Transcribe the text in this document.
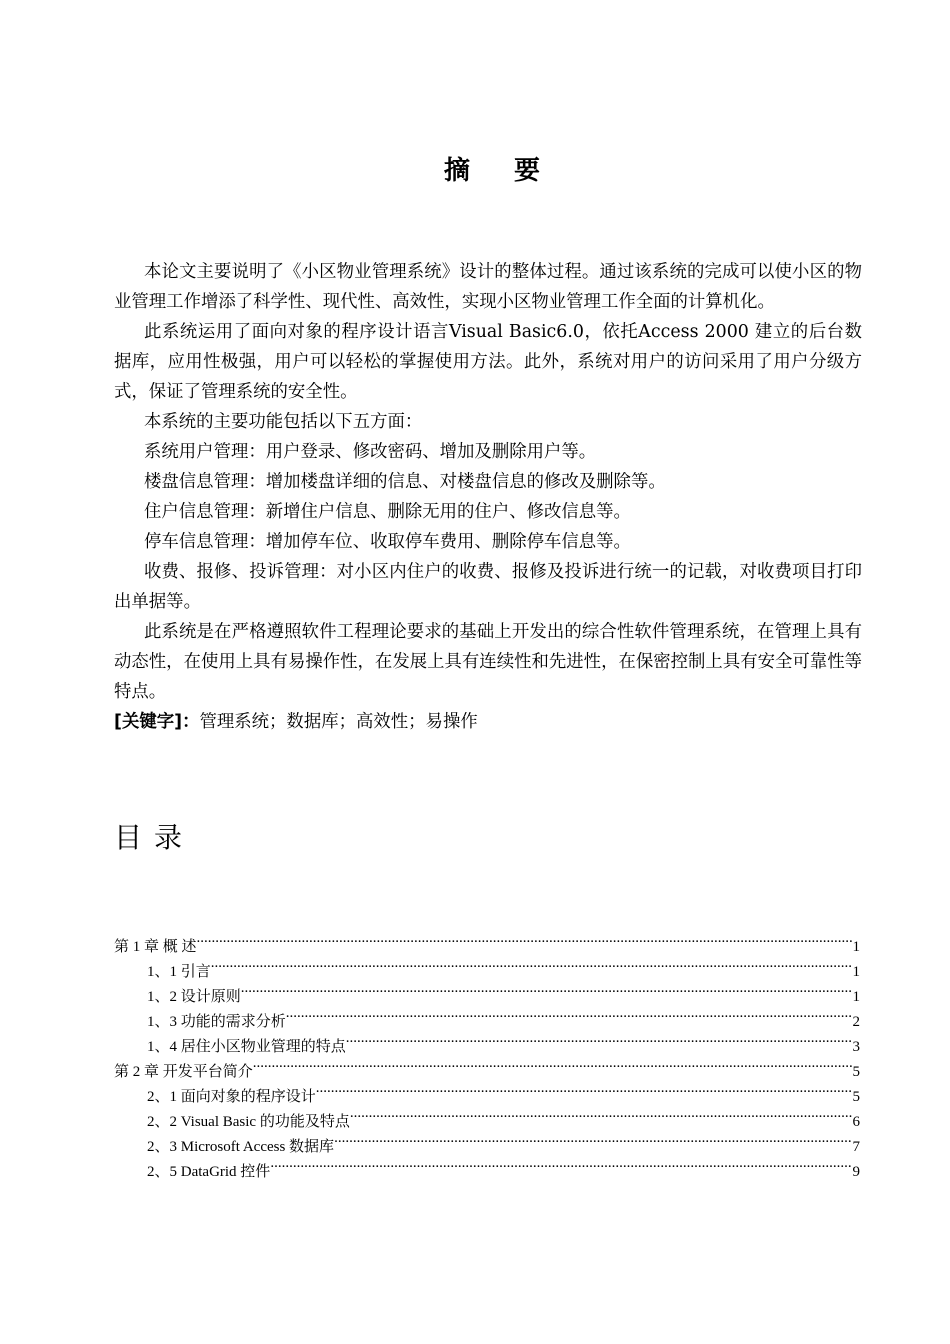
摘 要

本论文主要说明了《小区物业管理系统》设计的整体过程。通过该系统的完成可以使小区的物业管理工作增添了科学性、现代性、高效性，实现小区物业管理工作全面的计算机化。

此系统运用了面向对象的程序设计语言Visual Basic6.0，依托Access 2000 建立的后台数据库，应用性极强，用户可以轻松的掌握使用方法。此外，系统对用户的访问采用了用户分级方式，保证了管理系统的安全性。

本系统的主要功能包括以下五方面：

系统用户管理：用户登录、修改密码、增加及删除用户等。

楼盘信息管理：增加楼盘详细的信息、对楼盘信息的修改及删除等。

住户信息管理：新增住户信息、删除无用的住户、修改信息等。

停车信息管理：增加停车位、收取停车费用、删除停车信息等。

收费、报修、投诉管理：对小区内住户的收费、报修及投诉进行统一的记载，对收费项目打印出单据等。

此系统是在严格遵照软件工程理论要求的基础上开发出的综合性软件管理系统，在管理上具有动态性，在使用上具有易操作性，在发展上具有连续性和先进性，在保密控制上具有安全可靠性等特点。

[关键字]：管理系统；数据库；高效性；易操作

目录
第 1 章 概 述 .....	1
1、1 引言 .....	1
1、2 设计原则 .....	1
1、3 功能的需求分析 .....	2
1、4 居住小区物业管理的特点 .....	3
第 2 章 开发平台简介 .....	5
2、1 面向对象的程序设计 .....	5
2、2 Visual Basic 的功能及特点 .....	6
2、3 Microsoft Access 数据库 .....	7
2、5 DataGrid 控件 .....	9
